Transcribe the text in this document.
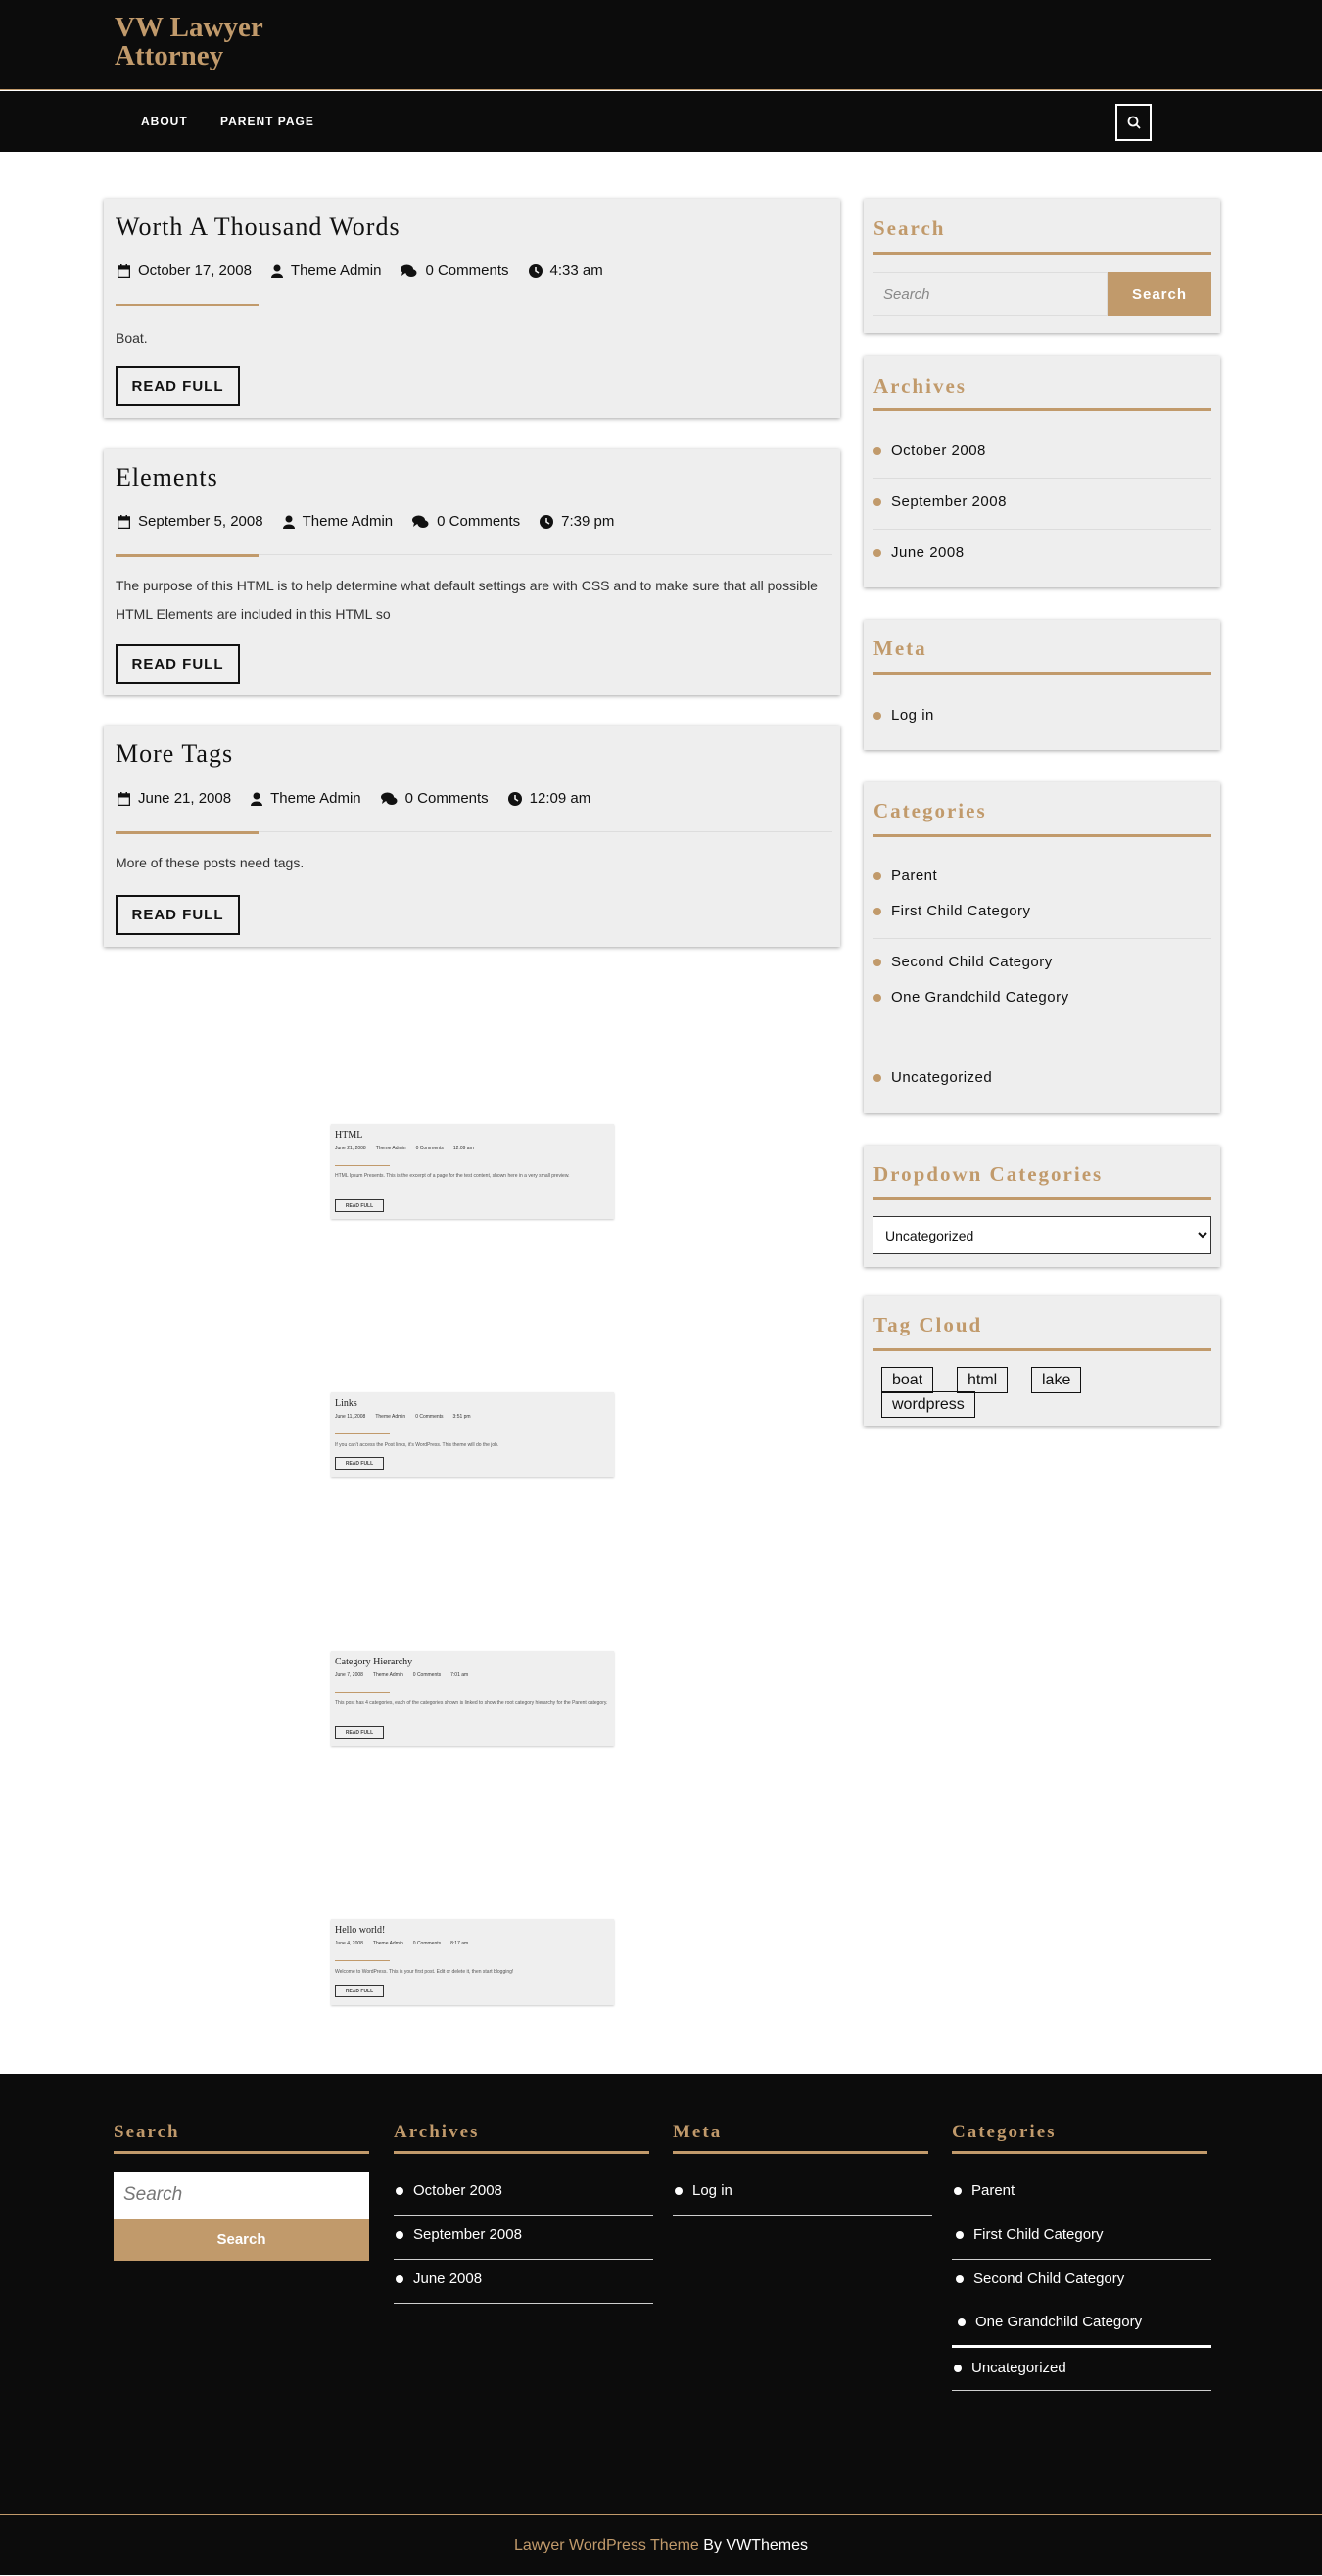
VW Lawyer
Attorney
ABOUT	PARENT PAGE
Worth A Thousand Words
October 17, 2008	Theme Admin	0 Comments	4:33 am
Boat.
READ FULL
Elements
September 5, 2008	Theme Admin	0 Comments	7:39 pm
The purpose of this HTML is to help determine what default settings are with CSS and to make sure that all possible HTML Elements are included in this HTML so
READ FULL
More Tags
June 21, 2008	Theme Admin	0 Comments	12:09 am
More of these posts need tags.
READ FULL
HTML
June 21, 2008 Theme Admin 0 Comments 12:09 am
HTML Ipsum Presents. This is the excerpt of a page for the test content, shown here in a very small preview.
READ FULL
Links
June 11, 2008 Theme Admin 0 Comments 3:51 pm
If you can't access the Post links, it's WordPress. This theme will do the job.
READ FULL
Category Hierarchy
June 7, 2008 Theme Admin 0 Comments 7:01 am
This post has 4 categories, each of the categories shown is linked to show the root category hierarchy for the Parent category.
READ FULL
Hello world!
June 4, 2008 Theme Admin 0 Comments 8:17 am
Welcome to WordPress. This is your first post. Edit or delete it, then start blogging!
READ FULL
Search
Search
Search
Archives
October 2008
September 2008
June 2008
Meta
Log in
Categories
Parent
First Child Category
Second Child Category
One Grandchild Category
Uncategorized
Dropdown Categories
Uncategorized
Tag Cloud
boat	html	lake
wordpress
Search
Search
Search
Archives
October 2008
September 2008
June 2008
Meta
Log in
Categories
Parent
First Child Category
Second Child Category
One Grandchild Category
Uncategorized
Lawyer WordPress Theme By VWThemes
